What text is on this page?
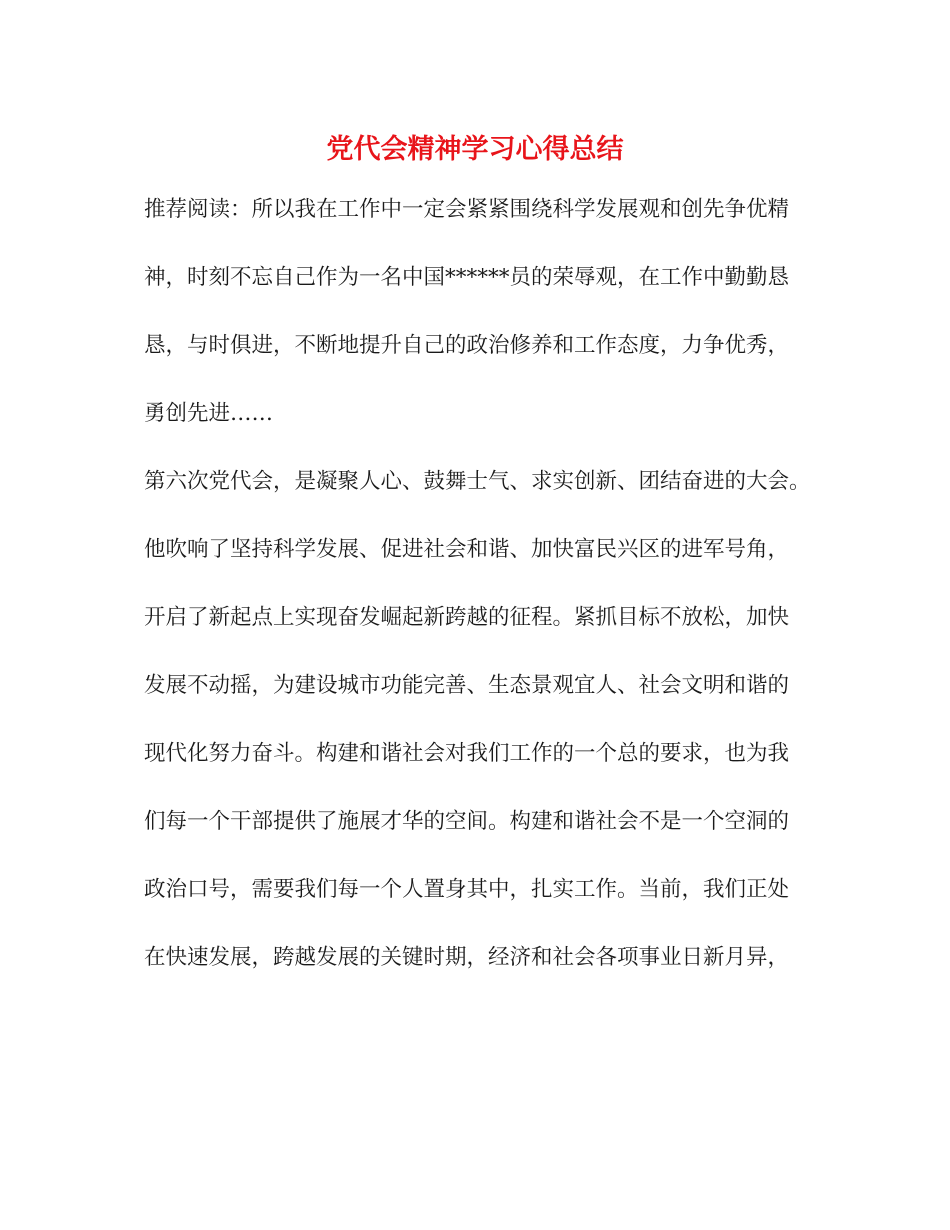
党代会精神学习心得总结

推荐阅读：所以我在工作中一定会紧紧围绕科学发展观和创先争优精

神，时刻不忘自己作为一名中国******员的荣辱观，在工作中勤勤恳

恳，与时俱进，不断地提升自己的政治修养和工作态度，力争优秀，

勇创先进……

第六次党代会，是凝聚人心、鼓舞士气、求实创新、团结奋进的大会。

他吹响了坚持科学发展、促进社会和谐、加快富民兴区的进军号角，

开启了新起点上实现奋发崛起新跨越的征程。紧抓目标不放松，加快

发展不动摇，为建设城市功能完善、生态景观宜人、社会文明和谐的

现代化努力奋斗。构建和谐社会对我们工作的一个总的要求，也为我

们每一个干部提供了施展才华的空间。构建和谐社会不是一个空洞的

政治口号，需要我们每一个人置身其中，扎实工作。当前，我们正处

在快速发展，跨越发展的关键时期，经济和社会各项事业日新月异，
